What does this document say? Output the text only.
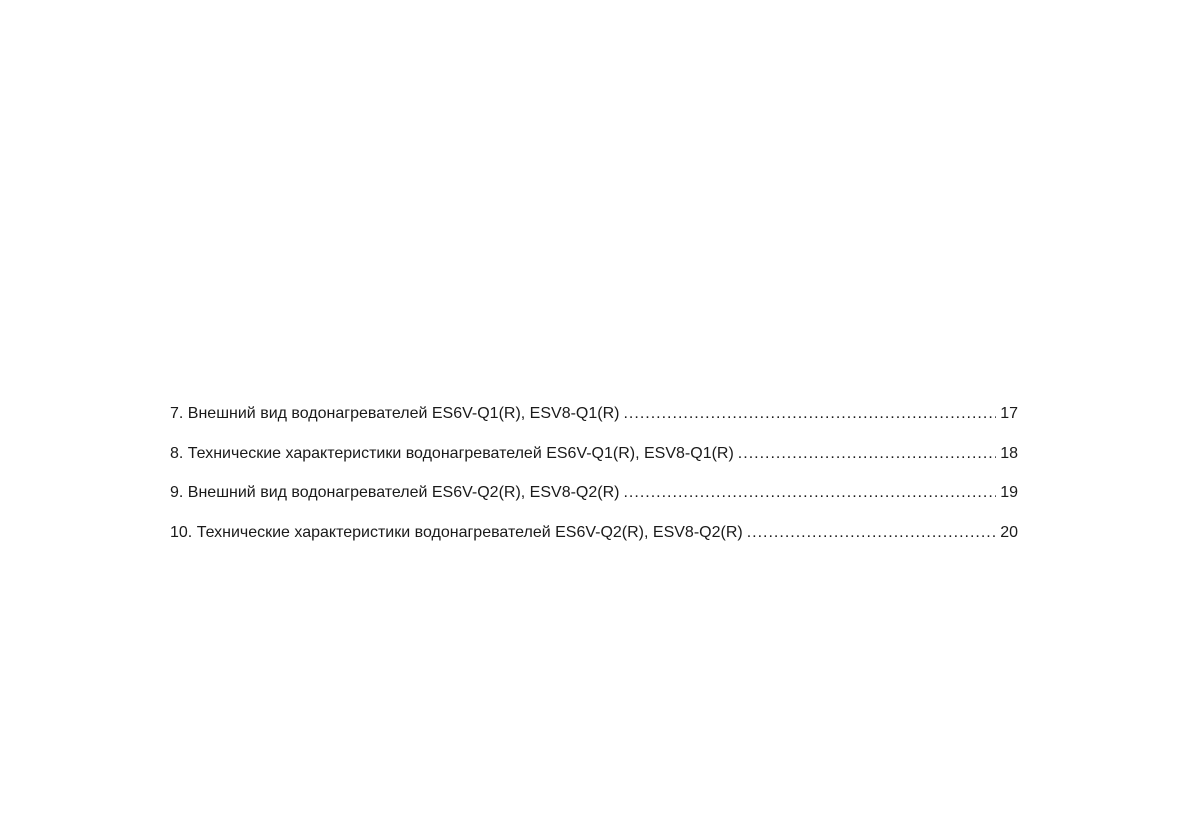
7. Внешний вид водонагревателей ES6V-Q1(R), ESV8-Q1(R) .....	17
8. Технические характеристики водонагревателей ES6V-Q1(R), ESV8-Q1(R) .....	18
9. Внешний вид водонагревателей ES6V-Q2(R), ESV8-Q2(R) .....	19
10. Технические характеристики водонагревателей ES6V-Q2(R), ESV8-Q2(R) .....	20
